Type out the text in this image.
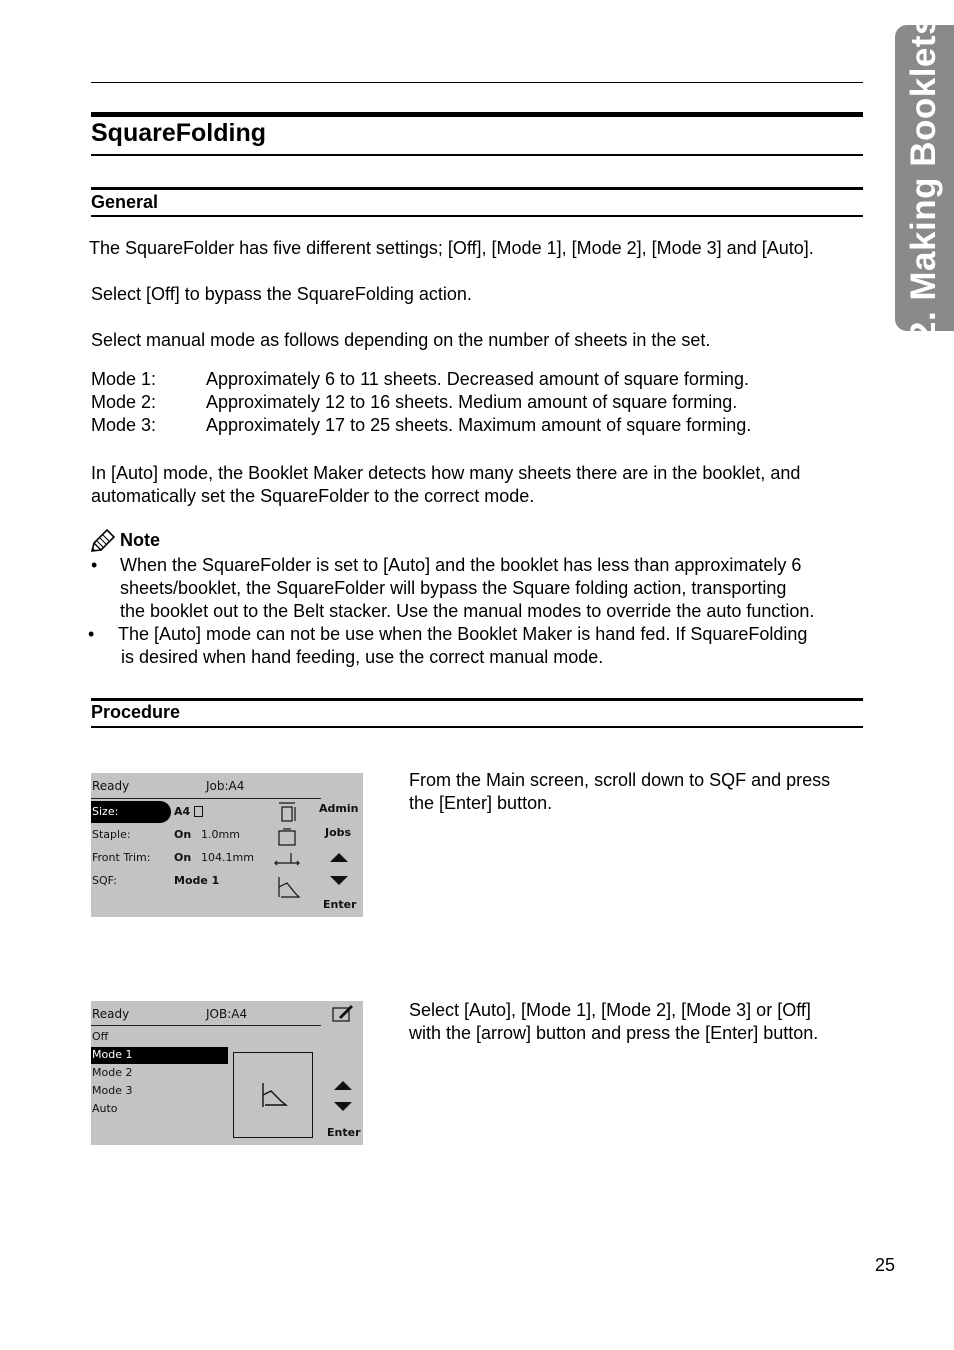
2. Making Booklets
SquareFolding
General

The SquareFolder has five different settings; [Off], [Mode 1], [Mode 2], [Mode 3] and [Auto].

Select [Off] to bypass the SquareFolding action.

Select manual mode as follows depending on the number of sheets in the set.

Mode 1:	Approximately 6 to 11 sheets. Decreased amount of square forming.
Mode 2:	Approximately 12 to 16 sheets. Medium amount of square forming.
Mode 3:	Approximately 17 to 25 sheets. Maximum amount of square forming.

In [Auto] mode, the Booklet Maker detects how many sheets there are in the booklet, and

automatically set the SquareFolder to the correct mode.

Note
• When the SquareFolder is set to [Auto] and the booklet has less than approximately 6
sheets/booklet, the SquareFolder will bypass the Square folding action, transporting
the booklet out to the Belt stacker. Use the manual modes to override the auto function.
• The [Auto] mode can not be use when the Booklet Maker is hand fed. If SquareFolding
is desired when hand feeding, use the correct manual mode.
Procedure
Ready	Job:A4
Size:	A4
Staple:	On 1.0mm
Front Trim: On 104.1mm
SQF:	Mode 1
Admin
Jobs
Enter

From the Main screen, scroll down to SQF and press

the [Enter] button.

Ready	JOB:A4
Off
Mode 1
Mode 2
Mode 3
Auto
Enter

Select [Auto], [Mode 1], [Mode 2], [Mode 3] or [Off]

with the [arrow] button and press the [Enter] button.

25
